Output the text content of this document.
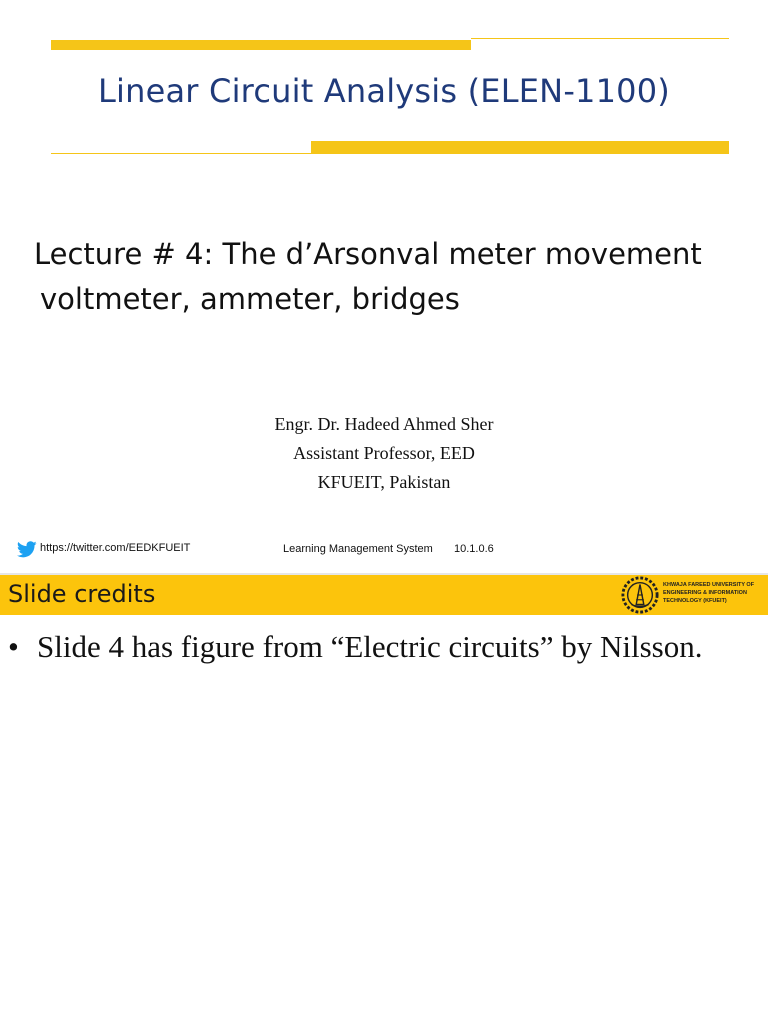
Linear Circuit Analysis (ELEN-1100)
Lecture # 4: The d’Arsonval meter movement
voltmeter, ammeter, bridges
Engr. Dr. Hadeed Ahmed Sher
Assistant Professor, EED
KFUEIT, Pakistan
https://twitter.com/EEDKFUEIT	Learning Management System 10.1.0.6
Slide credits	KHWAJA FAREED UNIVERSITY OF ENGINEERING & INFORMATION TECHNOLOGY (KFUEIT)
• Slide 4 has figure from “Electric circuits” by Nilsson.
